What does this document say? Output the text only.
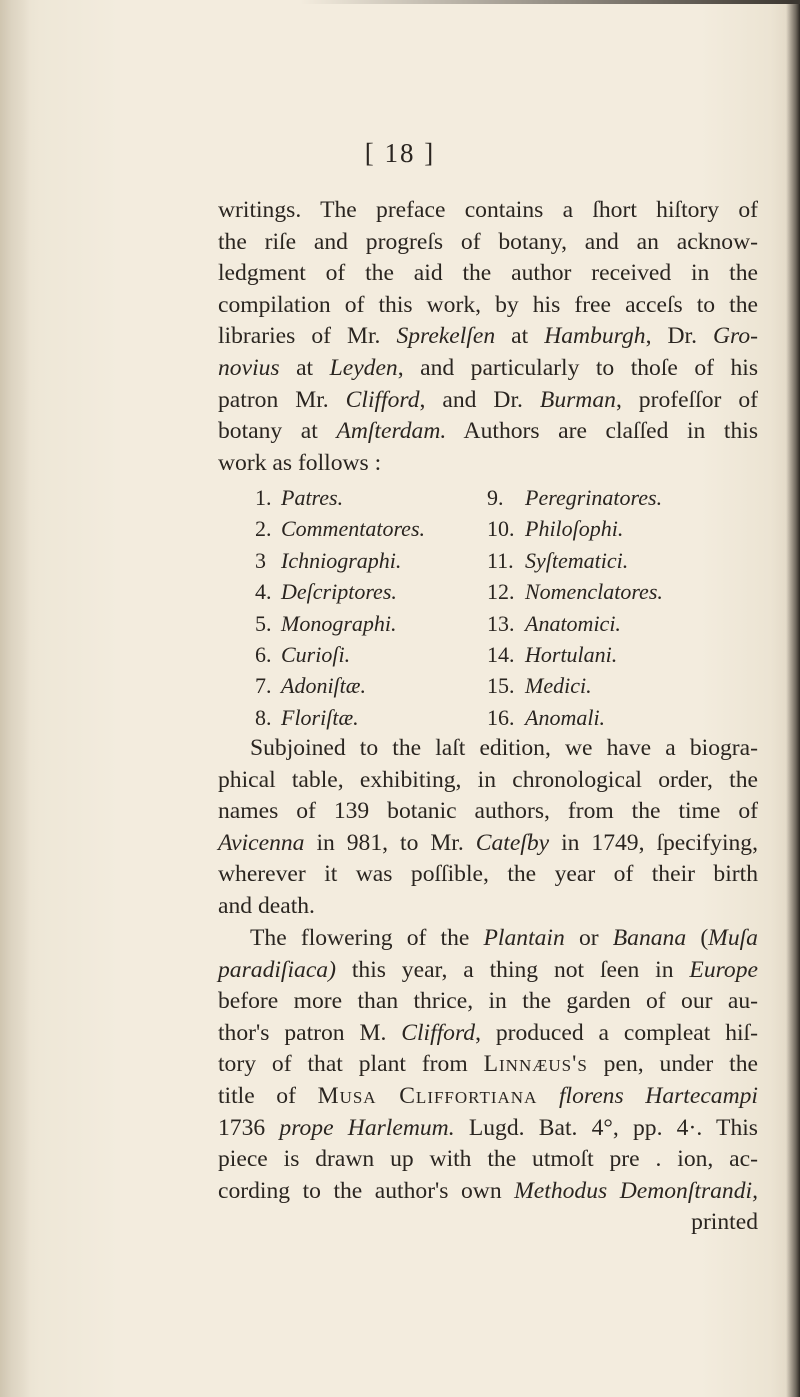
[ 18 ]
writings. The preface contains a ſhort hiſtory of
the riſe and progreſs of botany, and an acknow-
ledgment of the aid the author received in the
compilation of this work, by his free acceſs to the
libraries of Mr. Sprekelſen at Hamburgh, Dr. Gro-
novius at Leyden, and particularly to thoſe of his
patron Mr. Clifford, and Dr. Burman, profeſſor of
botany at Amſterdam. Authors are claſſed in this
work as follows :
1. Patres.
2. Commentatores.
3 Ichniographi.
4. Deſcriptores.
5. Monographi.
6. Curioſi.
7. Adoniſtæ.
8. Floriſtæ.
9. Peregrinatores.
10. Philoſophi.
11. Syſtematici.
12. Nomenclatores.
13. Anatomici.
14. Hortulani.
15. Medici.
16. Anomali.
Subjoined to the laſt edition, we have a biogra-
phical table, exhibiting, in chronological order, the
names of 139 botanic authors, from the time of
Avicenna in 981, to Mr. Cateſby in 1749, ſpecifying,
wherever it was poſſible, the year of their birth
and death.
The flowering of the Plantain or Banana (Muſa
paradiſiaca) this year, a thing not ſeen in Europe
before more than thrice, in the garden of our au-
thor's patron M. Clifford, produced a compleat hiſ-
tory of that plant from Linnæus's pen, under the
title of Musa Cliffortiana florens Hartecampi
1736 prope Harlemum. Lugd. Bat. 4°, pp. 4·. This
piece is drawn up with the utmoſt pre . ion, ac-
cording to the author's own Methodus Demonſtrandi,
printed
